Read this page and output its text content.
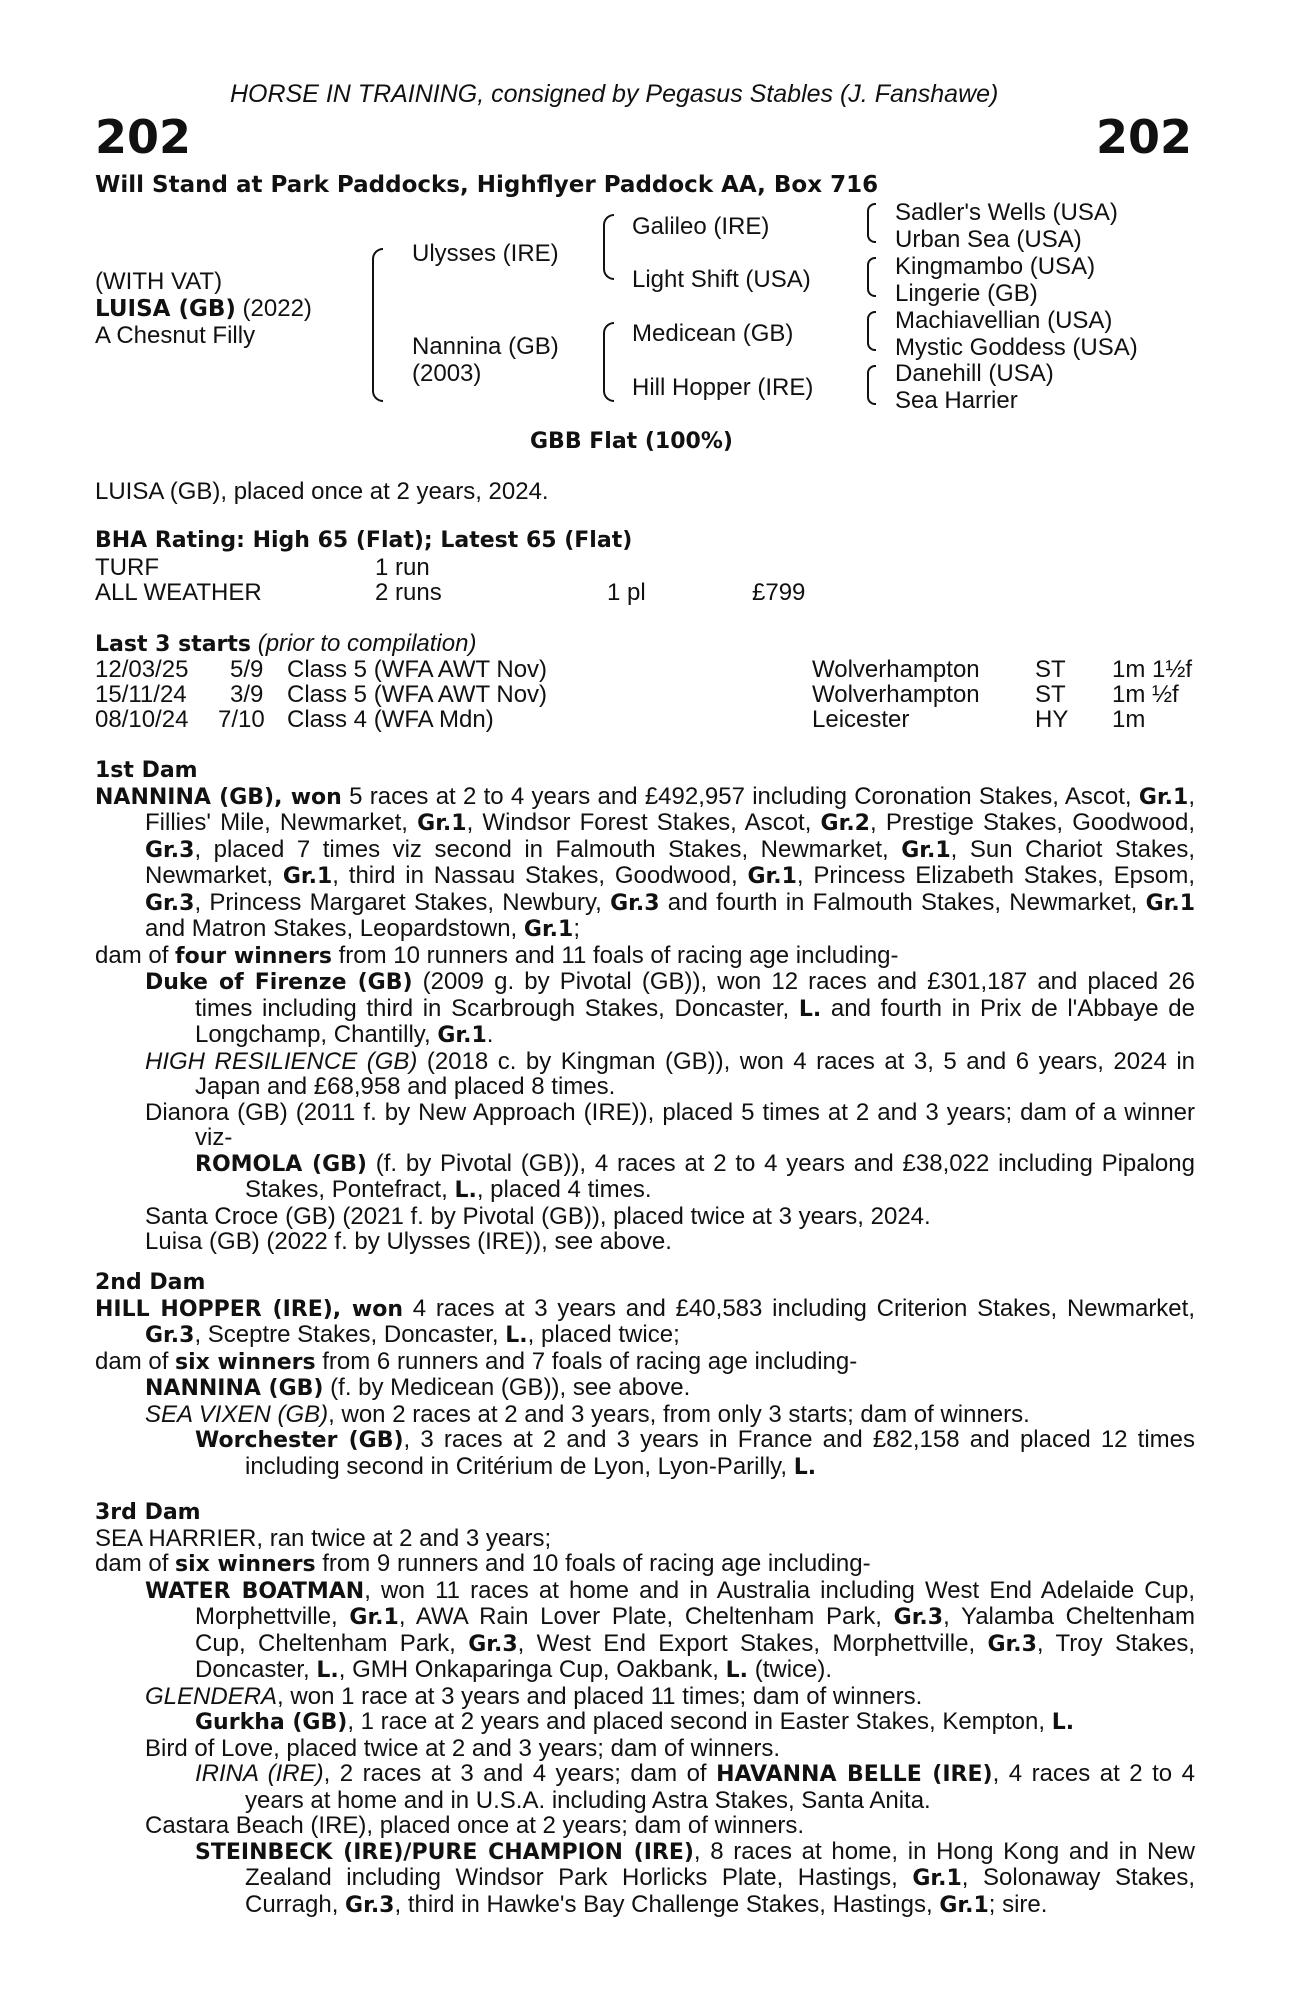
HORSE IN TRAINING, consigned by Pegasus Stables (J. Fanshawe)
202	202
Will Stand at Park Paddocks, Highflyer Paddock AA, Box 716
(WITH VAT)
LUISA (GB) (2022)
A Chesnut Filly
Ulysses (IRE)
Nannina (GB)
(2003)
Galileo (IRE)
Light Shift (USA)
Medicean (GB)
Hill Hopper (IRE)
Sadler's Wells (USA)
Urban Sea (USA)
Kingmambo (USA)
Lingerie (GB)
Machiavellian (USA)
Mystic Goddess (USA)
Danehill (USA)
Sea Harrier
GBB Flat (100%)
LUISA (GB), placed once at 2 years, 2024.
BHA Rating: High 65 (Flat); Latest 65 (Flat)
TURF	1 run
ALL WEATHER	2 runs	1 pl	£799
Last 3 starts (prior to compilation)
12/03/25 5/9 Class 5 (WFA AWT Nov)	Wolverhampton ST 1m 1½f
15/11/24 3/9 Class 5 (WFA AWT Nov)	Wolverhampton ST 1m ½f
08/10/24 7/10 Class 4 (WFA Mdn)	Leicester	HY 1m

1st Dam

NANNINA (GB), won 5 races at 2 to 4 years and £492,957 including Coronation Stakes, Ascot, Gr.1, Fillies' Mile, Newmarket, Gr.1, Windsor Forest Stakes, Ascot, Gr.2, Prestige Stakes, Goodwood, Gr.3, placed 7 times viz second in Falmouth Stakes, Newmarket, Gr.1, Sun Chariot Stakes, Newmarket, Gr.1, third in Nassau Stakes, Goodwood, Gr.1, Princess Elizabeth Stakes, Epsom, Gr.3, Princess Margaret Stakes, Newbury, Gr.3 and fourth in Falmouth Stakes, Newmarket, Gr.1 and Matron Stakes, Leopardstown, Gr.1;

dam of four winners from 10 runners and 11 foals of racing age including-

Duke of Firenze (GB) (2009 g. by Pivotal (GB)), won 12 races and £301,187 and placed 26 times including third in Scarbrough Stakes, Doncaster, L. and fourth in Prix de l'Abbaye de Longchamp, Chantilly, Gr.1.

HIGH RESILIENCE (GB) (2018 c. by Kingman (GB)), won 4 races at 3, 5 and 6 years, 2024 in Japan and £68,958 and placed 8 times.

Dianora (GB) (2011 f. by New Approach (IRE)), placed 5 times at 2 and 3 years; dam of a winner viz-

ROMOLA (GB) (f. by Pivotal (GB)), 4 races at 2 to 4 years and £38,022 including Pipalong Stakes, Pontefract, L., placed 4 times.

Santa Croce (GB) (2021 f. by Pivotal (GB)), placed twice at 3 years, 2024.

Luisa (GB) (2022 f. by Ulysses (IRE)), see above.

2nd Dam

HILL HOPPER (IRE), won 4 races at 3 years and £40,583 including Criterion Stakes, Newmarket, Gr.3, Sceptre Stakes, Doncaster, L., placed twice;

dam of six winners from 6 runners and 7 foals of racing age including-

NANNINA (GB) (f. by Medicean (GB)), see above.

SEA VIXEN (GB), won 2 races at 2 and 3 years, from only 3 starts; dam of winners.

Worchester (GB), 3 races at 2 and 3 years in France and £82,158 and placed 12 times including second in Critérium de Lyon, Lyon-Parilly, L.

3rd Dam

SEA HARRIER, ran twice at 2 and 3 years;

dam of six winners from 9 runners and 10 foals of racing age including-

WATER BOATMAN, won 11 races at home and in Australia including West End Adelaide Cup, Morphettville, Gr.1, AWA Rain Lover Plate, Cheltenham Park, Gr.3, Yalamba Cheltenham Cup, Cheltenham Park, Gr.3, West End Export Stakes, Morphettville, Gr.3, Troy Stakes, Doncaster, L., GMH Onkaparinga Cup, Oakbank, L. (twice).

GLENDERA, won 1 race at 3 years and placed 11 times; dam of winners.

Gurkha (GB), 1 race at 2 years and placed second in Easter Stakes, Kempton, L.

Bird of Love, placed twice at 2 and 3 years; dam of winners.

IRINA (IRE), 2 races at 3 and 4 years; dam of HAVANNA BELLE (IRE), 4 races at 2 to 4 years at home and in U.S.A. including Astra Stakes, Santa Anita.

Castara Beach (IRE), placed once at 2 years; dam of winners.

STEINBECK (IRE)/PURE CHAMPION (IRE), 8 races at home, in Hong Kong and in New Zealand including Windsor Park Horlicks Plate, Hastings, Gr.1, Solonaway Stakes, Curragh, Gr.3, third in Hawke's Bay Challenge Stakes, Hastings, Gr.1; sire.
